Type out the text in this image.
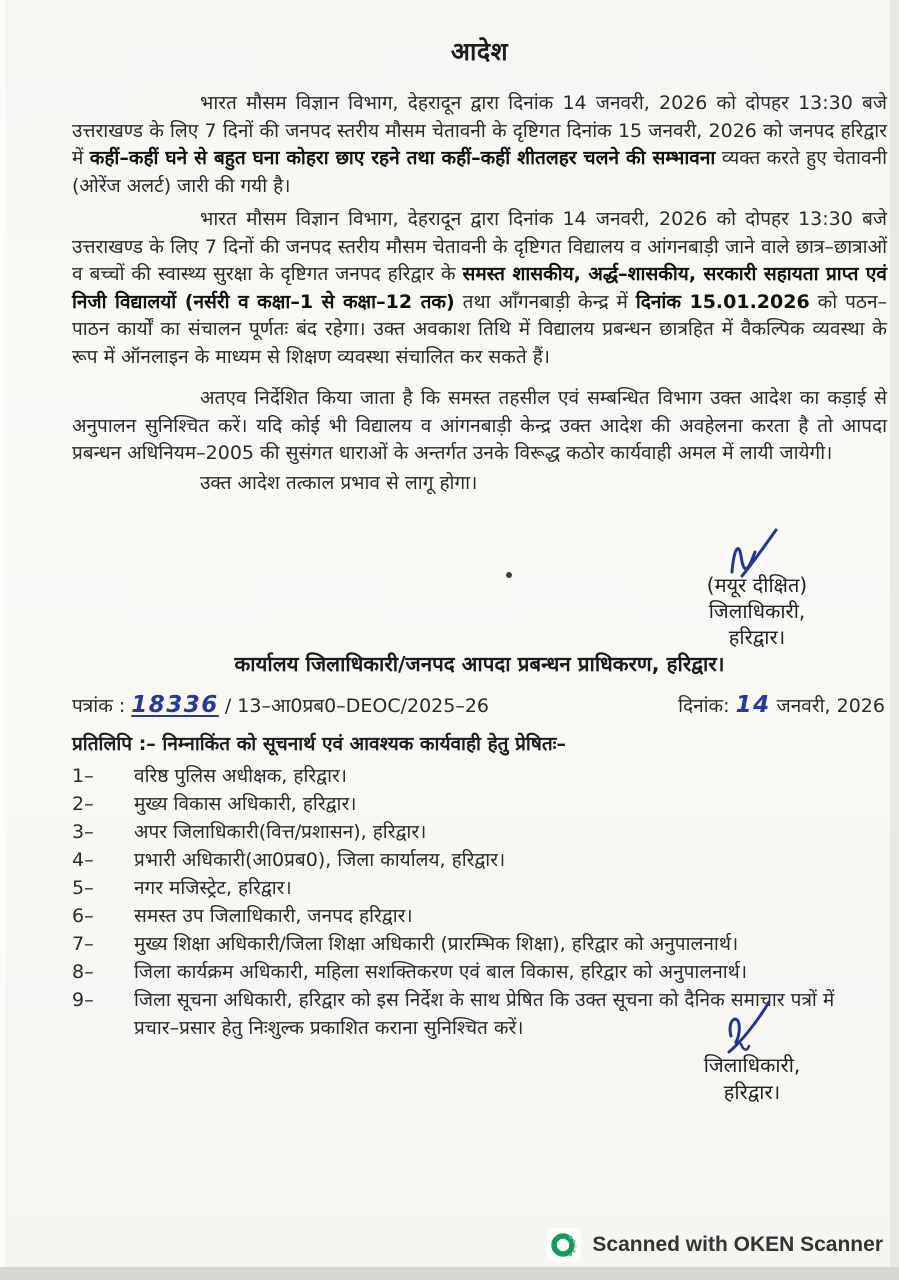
आदेश

भारत मौसम विज्ञान विभाग, देहरादून द्वारा दिनांक 14 जनवरी, 2026 को दोपहर 13:30 बजे उत्तराखण्ड के लिए 7 दिनों की जनपद स्तरीय मौसम चेतावनी के दृष्टिगत दिनांक 15 जनवरी, 2026 को जनपद हरिद्वार में कहीं–कहीं घने से बहुत घना कोहरा छाए रहने तथा कहीं–कहीं शीतलहर चलने की सम्भावना व्यक्त करते हुए चेतावनी (ओरेंज अलर्ट) जारी की गयी है।

भारत मौसम विज्ञान विभाग, देहरादून द्वारा दिनांक 14 जनवरी, 2026 को दोपहर 13:30 बजे उत्तराखण्ड के लिए 7 दिनों की जनपद स्तरीय मौसम चेतावनी के दृष्टिगत विद्यालय व आंगनबाड़ी जाने वाले छात्र–छात्राओं व बच्चों की स्वास्थ्य सुरक्षा के दृष्टिगत जनपद हरिद्वार के समस्त शासकीय, अर्द्ध–शासकीय, सरकारी सहायता प्राप्त एवं निजी विद्यालयों (नर्सरी व कक्षा–1 से कक्षा–12 तक) तथा ऑंगनबाड़ी केन्द्र में दिनांक 15.01.2026 को पठन–पाठन कार्यों का संचालन पूर्णतः बंद रहेगा। उक्त अवकाश तिथि में विद्यालय प्रबन्धन छात्रहित में वैकल्पिक व्यवस्था के रूप में ऑनलाइन के माध्यम से शिक्षण व्यवस्था संचालित कर सकते हैं।

अतएव निर्देशित किया जाता है कि समस्त तहसील एवं सम्बन्धित विभाग उक्त आदेश का कड़ाई से अनुपालन सुनिश्चित करें। यदि कोई भी विद्यालय व आंगनबाड़ी केन्द्र उक्त आदेश की अवहेलना करता है तो आपदा प्रबन्धन अधिनियम–2005 की सुसंगत धाराओं के अन्तर्गत उनके विरूद्ध कठोर कार्यवाही अमल में लायी जायेगी।

उक्त आदेश तत्काल प्रभाव से लागू होगा।

(मयूर दीक्षित)
जिलाधिकारी,
हरिद्वार।
कार्यालय जिलाधिकारी/जनपद आपदा प्रबन्धन प्राधिकरण, हरिद्वार।
पत्रांक : 18336 / 13–आ0प्रब0–DEOC/2025–26	दिनांक: 14 जनवरी, 2026
प्रतिलिपि :– निम्नाकिंत को सूचनार्थ एवं आवश्यक कार्यवाही हेतु प्रेषितः–
1–	वरिष्ठ पुलिस अधीक्षक, हरिद्वार।
2–	मुख्य विकास अधिकारी, हरिद्वार।
3–	अपर जिलाधिकारी(वित्त/प्रशासन), हरिद्वार।
4–	प्रभारी अधिकारी(आ0प्रब0), जिला कार्यालय, हरिद्वार।
5–	नगर मजिस्ट्रेट, हरिद्वार।
6–	समस्त उप जिलाधिकारी, जनपद हरिद्वार।
7–	मुख्य शिक्षा अधिकारी/जिला शिक्षा अधिकारी (प्रारम्भिक शिक्षा), हरिद्वार को अनुपालनार्थ।
8–	जिला कार्यक्रम अधिकारी, महिला सशक्तिकरण एवं बाल विकास, हरिद्वार को अनुपालनार्थ।
9–	जिला सूचना अधिकारी, हरिद्वार को इस निर्देश के साथ प्रेषित कि उक्त सूचना को दैनिक समाचार पत्रों में प्रचार–प्रसार हेतु निःशुल्क प्रकाशित कराना सुनिश्चित करें।
जिलाधिकारी,
हरिद्वार।
Scanned with OKEN Scanner
